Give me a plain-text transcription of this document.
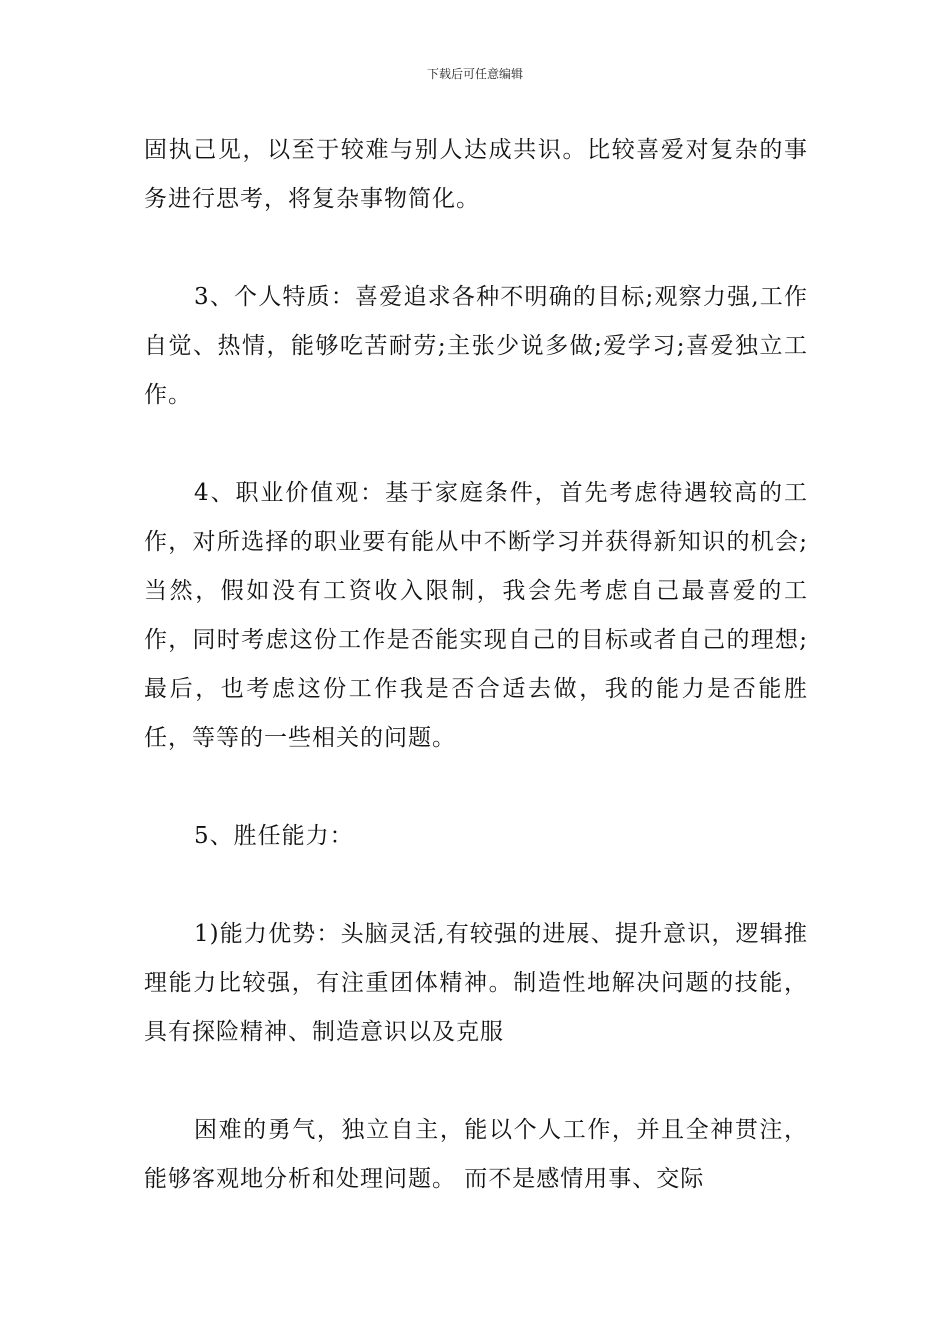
下载后可任意编辑

固执己见，以至于较难与别人达成共识。比较喜爱对复杂的事务进行思考，将复杂事物简化。

3、个人特质：喜爱追求各种不明确的目标;观察力强,工作自觉、热情，能够吃苦耐劳;主张少说多做;爱学习;喜爱独立工作。

4、职业价值观：基于家庭条件，首先考虑待遇较高的工作，对所选择的职业要有能从中不断学习并获得新知识的机会;当然，假如没有工资收入限制，我会先考虑自己最喜爱的工作，同时考虑这份工作是否能实现自己的目标或者自己的理想;最后，也考虑这份工作我是否合适去做，我的能力是否能胜任，等等的一些相关的问题。

5、胜任能力：

1)能力优势：头脑灵活,有较强的进展、提升意识，逻辑推理能力比较强，有注重团体精神。制造性地解决问题的技能，具有探险精神、制造意识以及克服

困难的勇气，独立自主，能以个人工作，并且全神贯注，能够客观地分析和处理问题。 而不是感情用事、交际
